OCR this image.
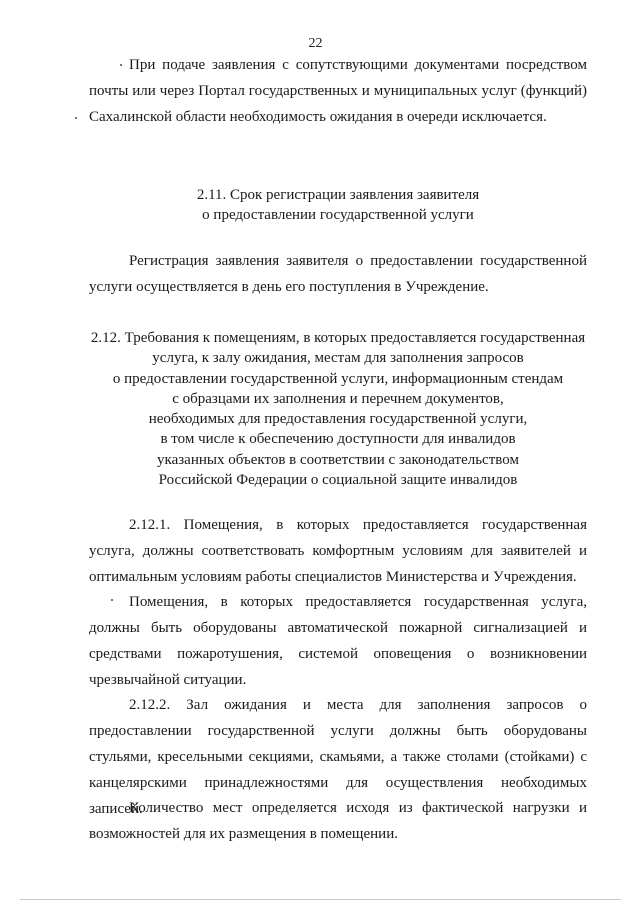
22
При подаче заявления с сопутствующими документами посредством почты или через Портал государственных и муниципальных услуг (функций) Сахалинской области необходимость ожидания в очереди исключается.
2.11. Срок регистрации заявления заявителя
о предоставлении государственной услуги
Регистрация заявления заявителя о предоставлении государственной услуги осуществляется в день его поступления в Учреждение.
2.12. Требования к помещениям, в которых предоставляется государственная
услуга, к залу ожидания, местам для заполнения запросов
о предоставлении государственной услуги, информационным стендам
с образцами их заполнения и перечнем документов,
необходимых для предоставления государственной услуги,
в том числе к обеспечению доступности для инвалидов
указанных объектов в соответствии с законодательством
Российской Федерации о социальной защите инвалидов
2.12.1. Помещения, в которых предоставляется государственная услуга, должны соответствовать комфортным условиям для заявителей и оптимальным условиям работы специалистов Министерства и Учреждения.
Помещения, в которых предоставляется государственная услуга, должны быть оборудованы автоматической пожарной сигнализацией и средствами пожаротушения, системой оповещения о возникновении чрезвычайной ситуации.
2.12.2. Зал ожидания и места для заполнения запросов о предоставлении государственной услуги должны быть оборудованы стульями, кресельными секциями, скамьями, а также столами (стойками) с канцелярскими принадлежностями для осуществления необходимых записей.
Количество мест определяется исходя из фактической нагрузки и возможностей для их размещения в помещении.
